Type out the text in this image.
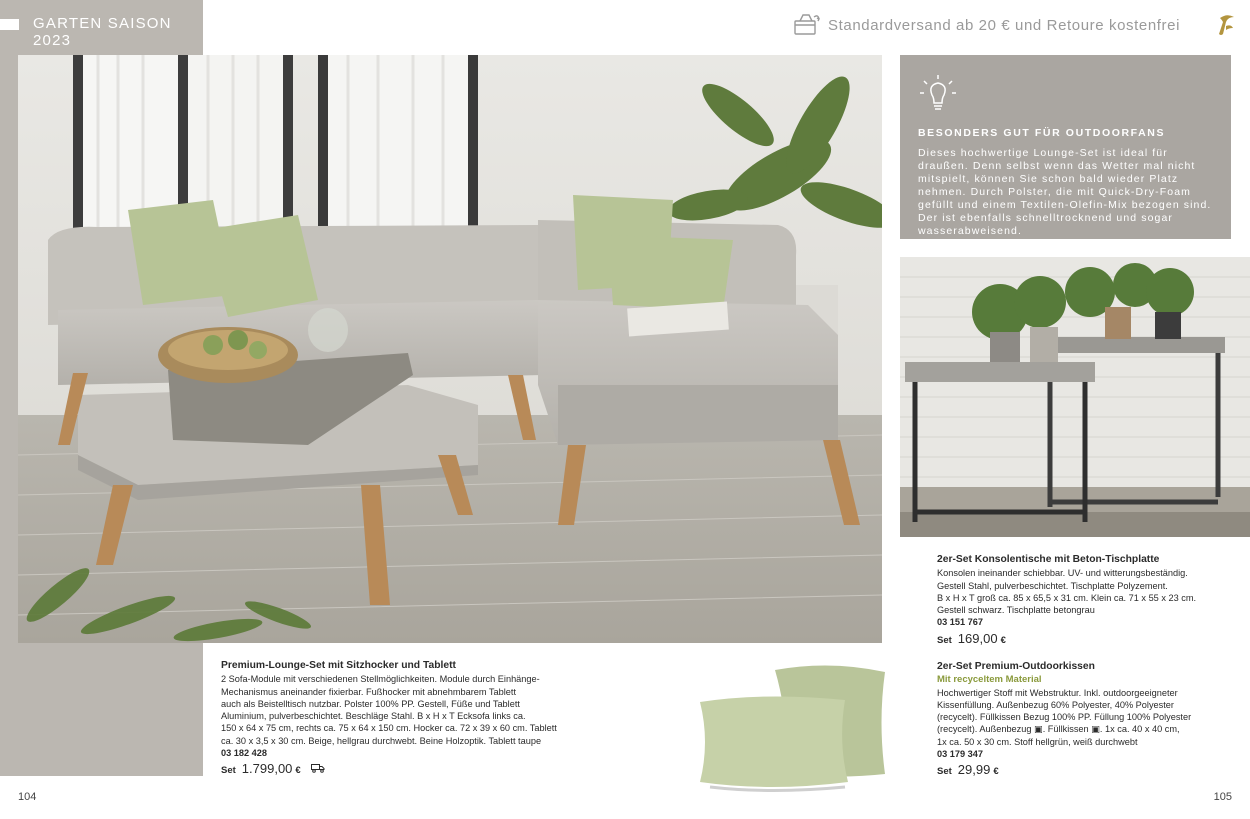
GARTEN SAISON 2023
Standardversand ab 20 € und Retoure kostenfrei
BESONDERS GUT FÜR OUTDOORFANS
Dieses hochwertige Lounge-Set ist ideal für draußen. Denn selbst wenn das Wetter mal nicht mitspielt, können Sie schon bald wieder Platz nehmen. Durch Polster, die mit Quick-Dry-Foam gefüllt und einem Textilen-Olefin-Mix bezogen sind. Der ist ebenfalls schnelltrocknend und sogar wasserabweisend.
Premium-Lounge-Set mit Sitzhocker und Tablett
2 Sofa-Module mit verschiedenen Stellmöglichkeiten. Module durch Einhänge-
Mechanismus aneinander fixierbar. Fußhocker mit abnehmbarem Tablett
auch als Beistelltisch nutzbar. Polster 100% PP. Gestell, Füße und Tablett
Aluminium, pulverbeschichtet. Beschläge Stahl. B x H x T Ecksofa links ca.
150 x 64 x 75 cm, rechts ca. 75 x 64 x 150 cm. Hocker ca. 72 x 39 x 60 cm. Tablett
ca. 30 x 3,5 x 30 cm. Beige, hellgrau durchwebt. Beine Holzoptik. Tablett taupe
03 182 428
Set 1.799,00 €
2er-Set Konsolentische mit Beton-Tischplatte
Konsolen ineinander schiebbar. UV- und witterungsbeständig.
Gestell Stahl, pulverbeschichtet. Tischplatte Polyzement.
B x H x T groß ca. 85 x 65,5 x 31 cm. Klein ca. 71 x 55 x 23 cm.
Gestell schwarz. Tischplatte betongrau
03 151 767
Set 169,00 €
2er-Set Premium-Outdoorkissen
Mit recyceltem Material
Hochwertiger Stoff mit Webstruktur. Inkl. outdoorgeeigneter
Kissenfüllung. Außenbezug 60% Polyester, 40% Polyester
(recycelt). Füllkissen Bezug 100% PP. Füllung 100% Polyester
(recycelt). Außenbezug ▣. Füllkissen ▣. 1x ca. 40 x 40 cm,
1x ca. 50 x 30 cm. Stoff hellgrün, weiß durchwebt
03 179 347
Set 29,99 €
104	105
